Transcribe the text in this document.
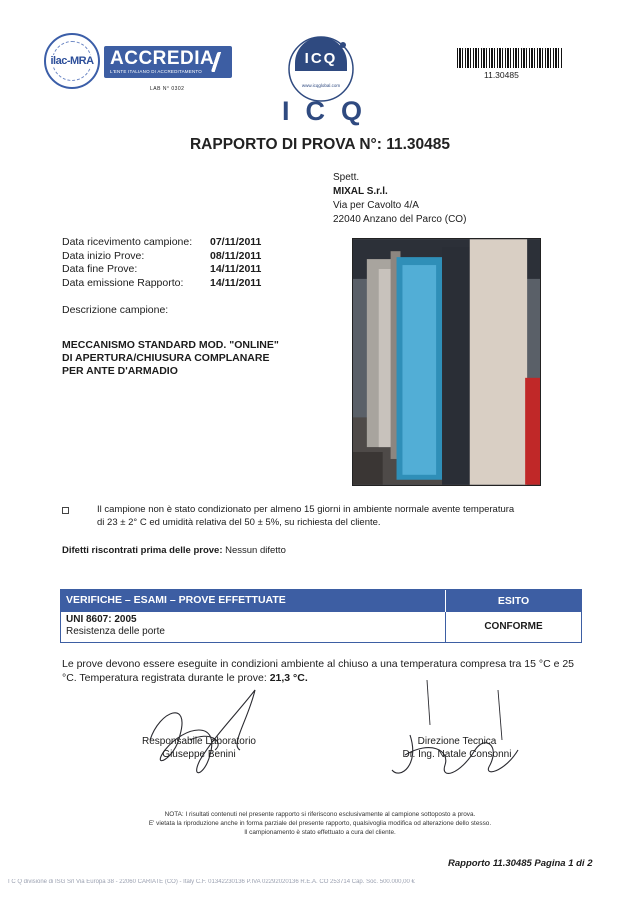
ilac-MRA ACCREDIA
L'ENTE ITALIANO DI ACCREDITAMENTO
LAB N° 0302
ICQ
www.icqglobal.com
ICQ
11.30485
RAPPORTO DI PROVA N°: 11.30485
Spett.
MIXAL S.r.l.
Via per Cavolto 4/A
22040 Anzano del Parco (CO)
Data ricevimento campione:	07/11/2011
Data inizio Prove:	08/11/2011
Data fine Prove:	14/11/2011
Data emissione Rapporto:	14/11/2011
Descrizione campione:
MECCANISMO STANDARD MOD. "ONLINE"
DI APERTURA/CHIUSURA COMPLANARE
PER ANTE D'ARMADIO
Il campione non è stato condizionato per almeno 15 giorni in ambiente normale avente temperatura
di 23 ± 2° C ed umidità relativa del 50 ± 5%, su richiesta del cliente.
Difetti riscontrati prima delle prove: Nessun difetto
VERIFICHE – ESAMI – PROVE EFFETTUATE	ESITO
UNI 8607: 2005
Resistenza delle porte	CONFORME
Le prove devono essere eseguite in condizioni ambiente al chiuso a una temperatura compresa tra 15 °C e 25 °C. Temperatura registrata durante le prove: 21,3 °C.
Responsabile Laboratorio
Giuseppe Benini
Direzione Tecnica
Dr. Ing. Natale Consonni
NOTA: I risultati contenuti nel presente rapporto si riferiscono esclusivamente al campione sottoposto a prova.
E' vietata la riproduzione anche in forma parziale del presente rapporto, qualsivoglia modifica od alterazione dello stesso.
Il campionamento è stato effettuato a cura del cliente.
Rapporto 11.30485 Pagina 1 di 2
I C Q divisione di ISG Srl Via Europa 38 - 22060 CARIATE (CO) - Italy C.F. 01342230136 P.IVA 02292020136 R.E.A. CO 253714 Cap. Soc. 500.000,00 €
